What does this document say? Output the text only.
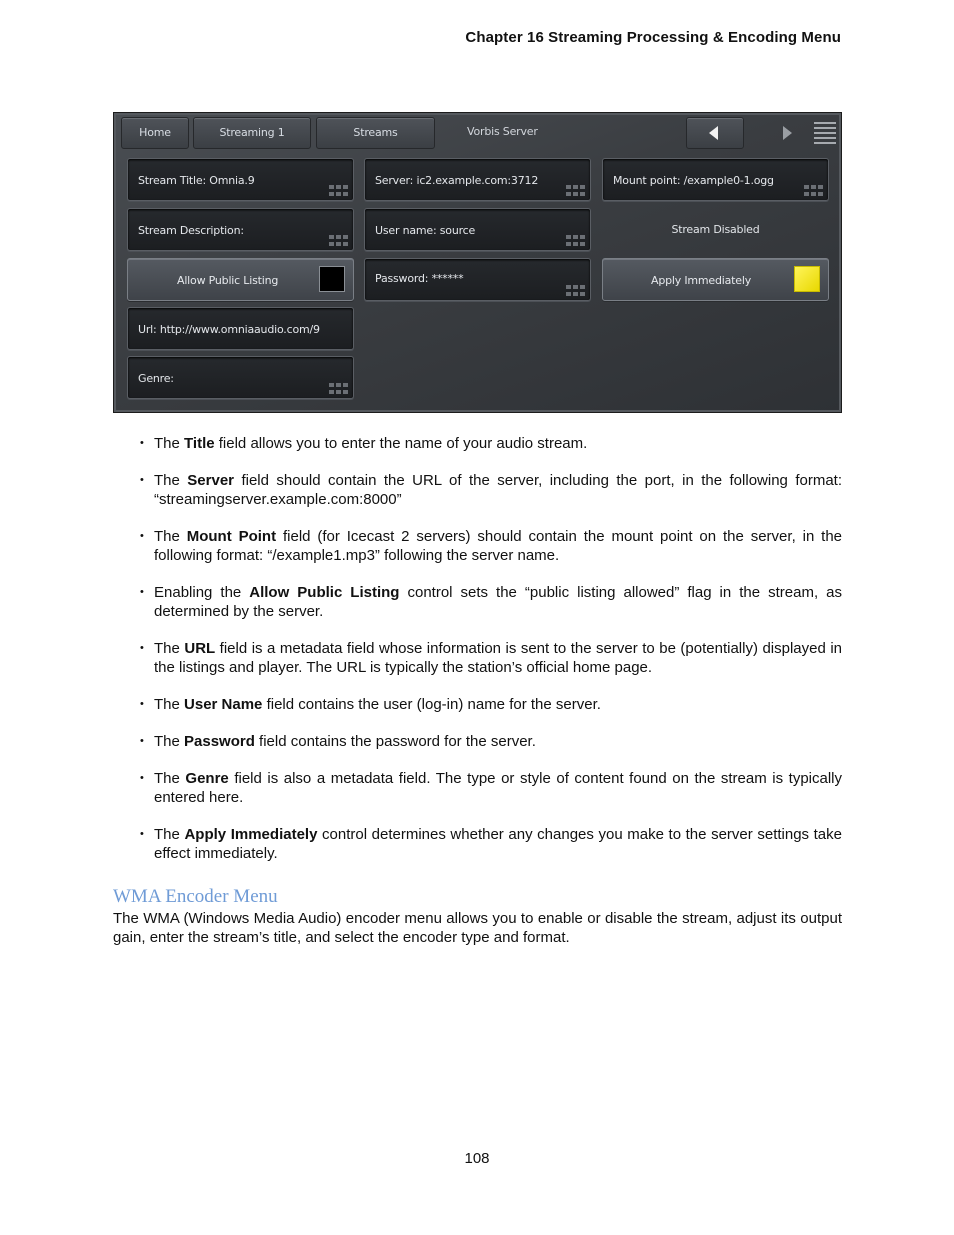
Chapter 16 Streaming Processing & Encoding Menu
Home	Streaming 1	Streams	Vorbis Server
Stream Title: Omnia.9
Stream Description:
Allow Public Listing
Url: http://www.omniaaudio.com/9
Genre:
Server: ic2.example.com:3712
User name: source
Password: ******
Mount point: /example0-1.ogg
Stream Disabled
Apply Immediately
• The Title field allows you to enter the name of your audio stream.
• The Server field should contain the URL of the server, including the port, in the following format: “streamingserver.example.com:8000”
• The Mount Point field (for Icecast 2 servers) should contain the mount point on the server, in the following format: “/example1.mp3” following the server name.
• Enabling the Allow Public Listing control sets the “public listing allowed” flag in the stream, as determined by the server.
• The URL field is a metadata field whose information is sent to the server to be (potentially) displayed in the listings and player. The URL is typically the station’s official home page.
• The User Name field contains the user (log-in) name for the server.
• The Password field contains the password for the server.
• The Genre field is also a metadata field. The type or style of content found on the stream is typically entered here.
• The Apply Immediately control determines whether any changes you make to the server settings take effect immediately.
WMA Encoder Menu
The WMA (Windows Media Audio) encoder menu allows you to enable or disable the stream, adjust its output gain, enter the stream’s title, and select the encoder type and format.
108
